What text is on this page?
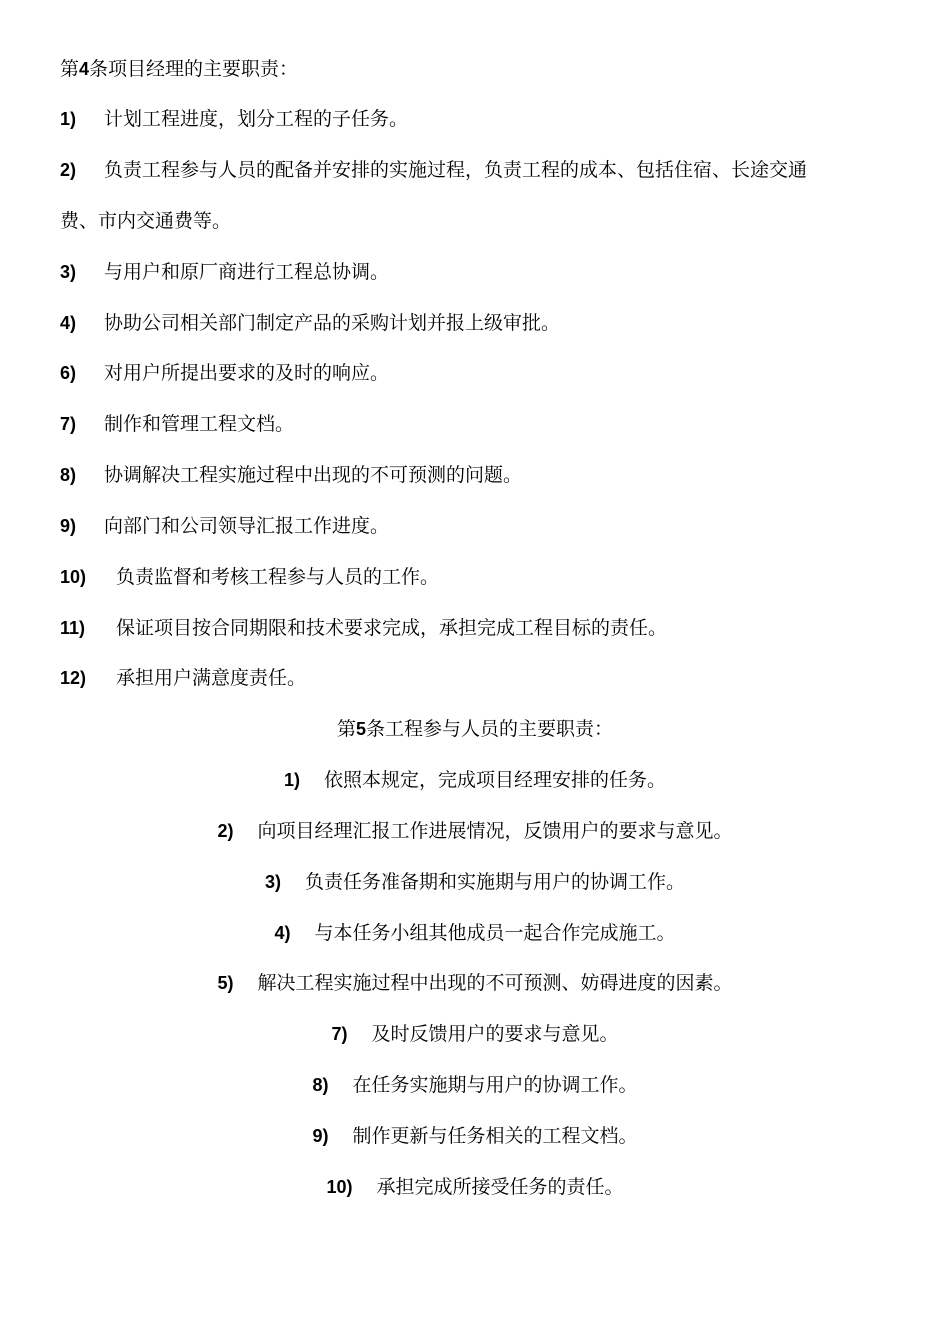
第4条项目经理的主要职责：
1) 计划工程进度，划分工程的子任务。
2) 负责工程参与人员的配备并安排的实施过程，负责工程的成本、包括住宿、长途交通
费、市内交通费等。
3) 与用户和原厂商进行工程总协调。
4) 协助公司相关部门制定产品的采购计划并报上级审批。
6) 对用户所提出要求的及时的响应。
7) 制作和管理工程文档。
8) 协调解决工程实施过程中出现的不可预测的问题。
9) 向部门和公司领导汇报工作进度。
10) 负责监督和考核工程参与人员的工作。
11) 保证项目按合同期限和技术要求完成，承担完成工程目标的责任。
12) 承担用户满意度责任。
第5条工程参与人员的主要职责：
1) 依照本规定，完成项目经理安排的任务。
2) 向项目经理汇报工作进展情况，反馈用户的要求与意见。
3) 负责任务准备期和实施期与用户的协调工作。
4) 与本任务小组其他成员一起合作完成施工。
5) 解决工程实施过程中出现的不可预测、妨碍进度的因素。
7) 及时反馈用户的要求与意见。
8) 在任务实施期与用户的协调工作。
9) 制作更新与任务相关的工程文档。
10) 承担完成所接受任务的责任。
